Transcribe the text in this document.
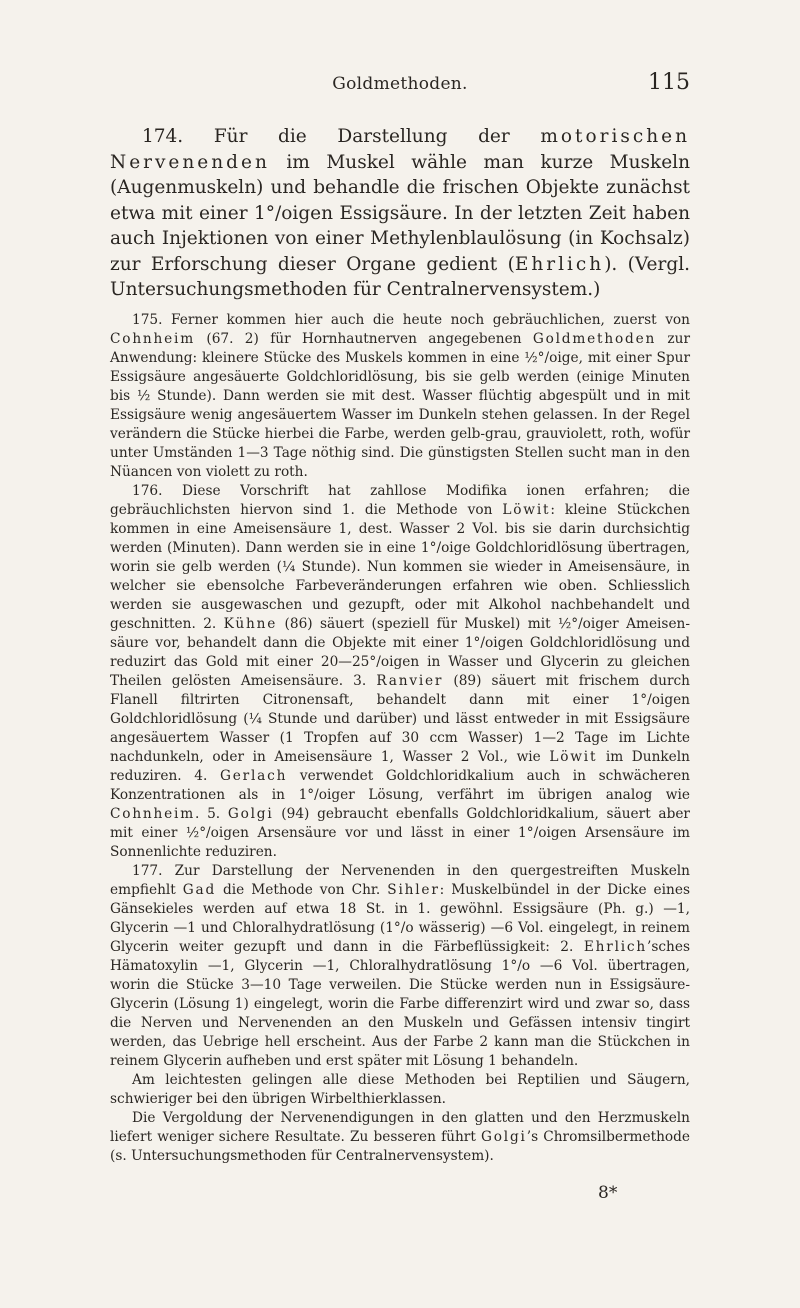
Goldmethoden.	115

174. Für die Darstellung der motorischen Nervenenden im Muskel wähle man kurze Muskeln (Augenmuskeln) und behandle die frischen Objekte zunächst etwa mit einer 1°/oigen Essigsäure. In der letzten Zeit haben auch Injektionen von einer Methylenblaulösung (in Kochsalz) zur Erforschung dieser Organe gedient (Ehrlich). (Vergl. Untersuchungsmethoden für Centralnervensystem.)

175. Ferner kommen hier auch die heute noch gebräuchlichen, zuerst von Cohnheim (67. 2) für Hornhautnerven angegebenen Goldmethoden zur Anwendung: kleinere Stücke des Muskels kommen in eine ½°/oige, mit einer Spur Essigsäure angesäuerte Goldchloridlösung, bis sie gelb werden (einige Minuten bis ½ Stunde). Dann werden sie mit dest. Wasser flüchtig abgespült und in mit Essigsäure wenig angesäuertem Wasser im Dunkeln stehen gelassen. In der Regel verändern die Stücke hierbei die Farbe, werden gelb-grau, grauviolett, roth, wofür unter Umständen 1—3 Tage nöthig sind. Die günstigsten Stellen sucht man in den Nüancen von violett zu roth.

176. Diese Vorschrift hat zahllose Modifika ionen erfahren; die gebräuchlichsten hiervon sind 1. die Methode von Löwit: kleine Stückchen kommen in eine Ameisensäure 1, dest. Wasser 2 Vol. bis sie darin durchsichtig werden (Minuten). Dann werden sie in eine 1°/oige Goldchloridlösung übertragen, worin sie gelb werden (¼ Stunde). Nun kommen sie wieder in Ameisensäure, in welcher sie ebensolche Farbeveränderungen erfahren wie oben. Schliesslich werden sie ausgewaschen und gezupft, oder mit Alkohol nachbehandelt und geschnitten. 2. Kühne (86) säuert (speziell für Muskel) mit ½°/oiger Ameisensäure vor, behandelt dann die Objekte mit einer 1°/oigen Goldchloridlösung und reduzirt das Gold mit einer 20—25°/oigen in Wasser und Glycerin zu gleichen Theilen gelösten Ameisensäure. 3. Ranvier (89) säuert mit frischem durch Flanell filtrirten Citronensaft, behandelt dann mit einer 1°/oigen Goldchloridlösung (¼ Stunde und darüber) und lässt entweder in mit Essigsäure angesäuertem Wasser (1 Tropfen auf 30 ccm Wasser) 1—2 Tage im Lichte nachdunkeln, oder in Ameisensäure 1, Wasser 2 Vol., wie Löwit im Dunkeln reduziren. 4. Gerlach verwendet Goldchloridkalium auch in schwächeren Konzentrationen als in 1°/oiger Lösung, verfährt im übrigen analog wie Cohnheim. 5. Golgi (94) gebraucht ebenfalls Goldchloridkalium, säuert aber mit einer ½°/oigen Arsensäure vor und lässt in einer 1°/oigen Arsensäure im Sonnenlichte reduziren.

177. Zur Darstellung der Nervenenden in den quergestreiften Muskeln empfiehlt Gad die Methode von Chr. Sihler: Muskelbündel in der Dicke eines Gänsekieles werden auf etwa 18 St. in 1. gewöhnl. Essigsäure (Ph. g.) —1, Glycerin —1 und Chloralhydratlösung (1°/o wässerig) —6 Vol. eingelegt, in reinem Glycerin weiter gezupft und dann in die Färbeflüssigkeit: 2. Ehrlich’sches Hämatoxylin —1, Glycerin —1, Chloralhydratlösung 1°/o —6 Vol. übertragen, worin die Stücke 3—10 Tage verweilen. Die Stücke werden nun in Essigsäure-Glycerin (Lösung 1) eingelegt, worin die Farbe differenzirt wird und zwar so, dass die Nerven und Nervenenden an den Muskeln und Gefässen intensiv tingirt werden, das Uebrige hell erscheint. Aus der Farbe 2 kann man die Stückchen in reinem Glycerin aufheben und erst später mit Lösung 1 behandeln.

Am leichtesten gelingen alle diese Methoden bei Reptilien und Säugern, schwieriger bei den übrigen Wirbelthierklassen.

Die Vergoldung der Nervenendigungen in den glatten und den Herzmuskeln liefert weniger sichere Resultate. Zu besseren führt Golgi’s Chromsilbermethode (s. Untersuchungsmethoden für Centralnervensystem).

8*
